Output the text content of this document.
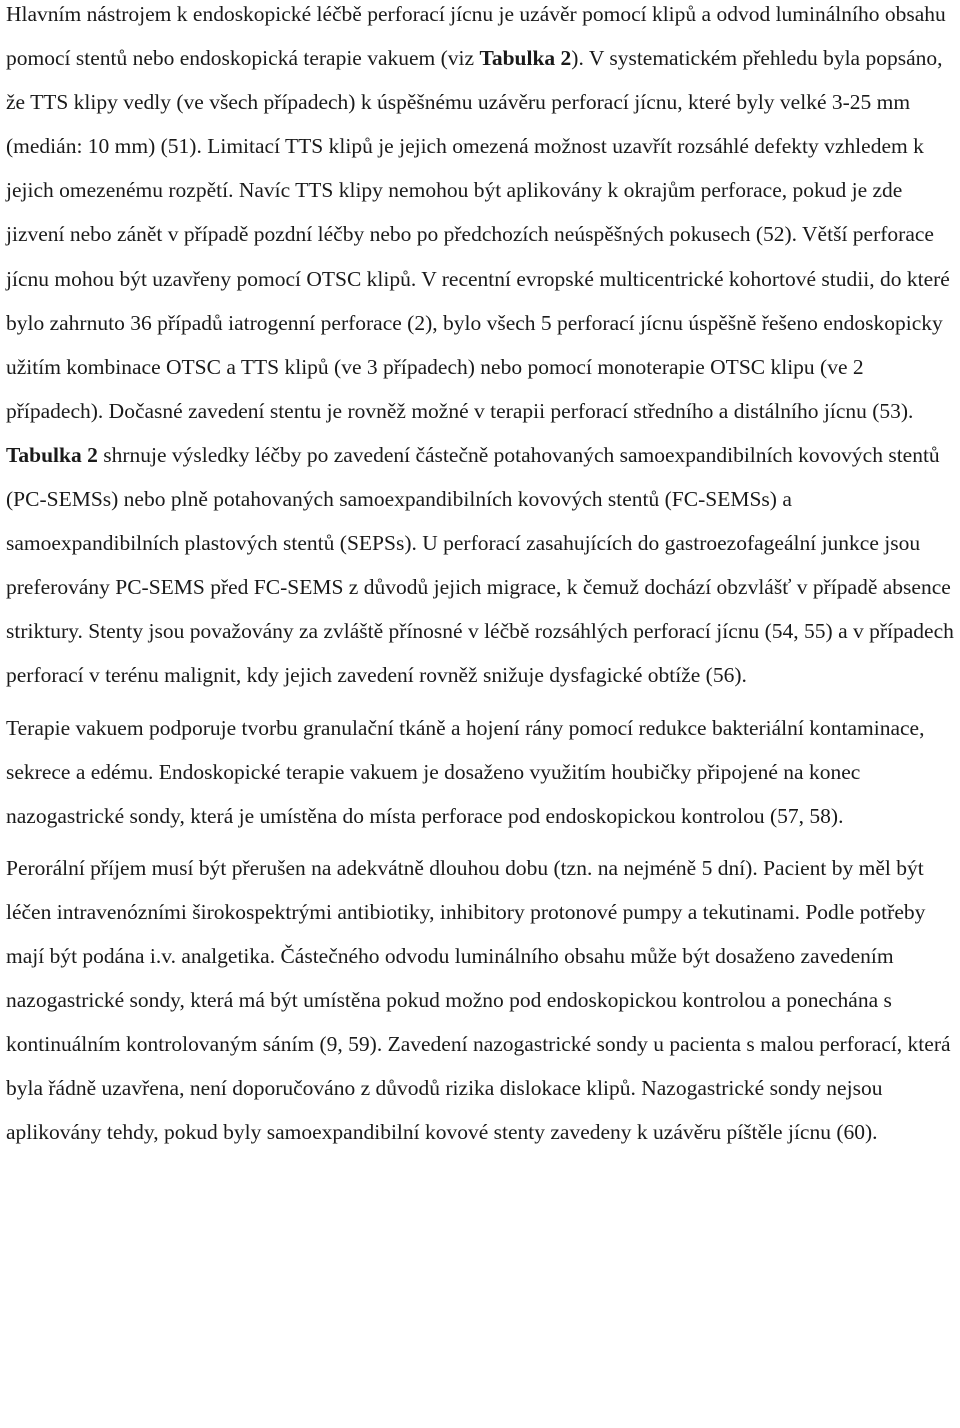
Hlavním nástrojem k endoskopické léčbě perforací jícnu je uzávěr pomocí klipů a odvod luminálního obsahu pomocí stentů nebo endoskopická terapie vakuem (viz Tabulka 2). V systematickém přehledu byla popsáno, že TTS klipy vedly (ve všech případech) k úspěšnému uzávěru perforací jícnu, které byly velké 3-25 mm (medián: 10 mm) (51). Limitací TTS klipů je jejich omezená možnost uzavřít rozsáhlé defekty vzhledem k jejich omezenému rozpětí. Navíc TTS klipy nemohou být aplikovány k okrajům perforace, pokud je zde jizvení nebo zánět v případě pozdní léčby nebo po předchozích neúspěšných pokusech (52). Větší perforace jícnu mohou být uzavřeny pomocí OTSC klipů. V recentní evropské multicentrické kohortové studii, do které bylo zahrnuto 36 případů iatrogenní perforace (2), bylo všech 5 perforací jícnu úspěšně řešeno endoskopicky užitím kombinace OTSC a TTS klipů (ve 3 případech) nebo pomocí monoterapie OTSC klipu (ve 2 případech). Dočasné zavedení stentu je rovněž možné v terapii perforací středního a distálního jícnu (53). Tabulka 2 shrnuje výsledky léčby po zavedení částečně potahovaných samoexpandibilních kovových stentů (PC-SEMSs) nebo plně potahovaných samoexpandibilních kovových stentů (FC-SEMSs) a samoexpandibilních plastových stentů (SEPSs). U perforací zasahujících do gastroezofageální junkce jsou preferovány PC-SEMS před FC-SEMS z důvodů jejich migrace, k čemuž dochází obzvlášť v případě absence striktury. Stenty jsou považovány za zvláště přínosné v léčbě rozsáhlých perforací jícnu (54, 55) a v případech perforací v terénu malignit, kdy jejich zavedení rovněž snižuje dysfagické obtíže (56).

Terapie vakuem podporuje tvorbu granulační tkáně a hojení rány pomocí redukce bakteriální kontaminace, sekrece a edému. Endoskopické terapie vakuem je dosaženo využitím houbičky připojené na konec nazogastrické sondy, která je umístěna do místa perforace pod endoskopickou kontrolou (57, 58).

Perorální příjem musí být přerušen na adekvátně dlouhou dobu (tzn. na nejméně 5 dní). Pacient by měl být léčen intravenózními širokospektrými antibiotiky, inhibitory protonové pumpy a tekutinami. Podle potřeby mají být podána i.v. analgetika. Částečného odvodu luminálního obsahu může být dosaženo zavedením nazogastrické sondy, která má být umístěna pokud možno pod endoskopickou kontrolou a ponechána s kontinuálním kontrolovaným sáním (9, 59). Zavedení nazogastrické sondy u pacienta s malou perforací, která byla řádně uzavřena, není doporučováno z důvodů rizika dislokace klipů. Nazogastrické sondy nejsou aplikovány tehdy, pokud byly samoexpandibilní kovové stenty zavedeny k uzávěru píštěle jícnu (60).
